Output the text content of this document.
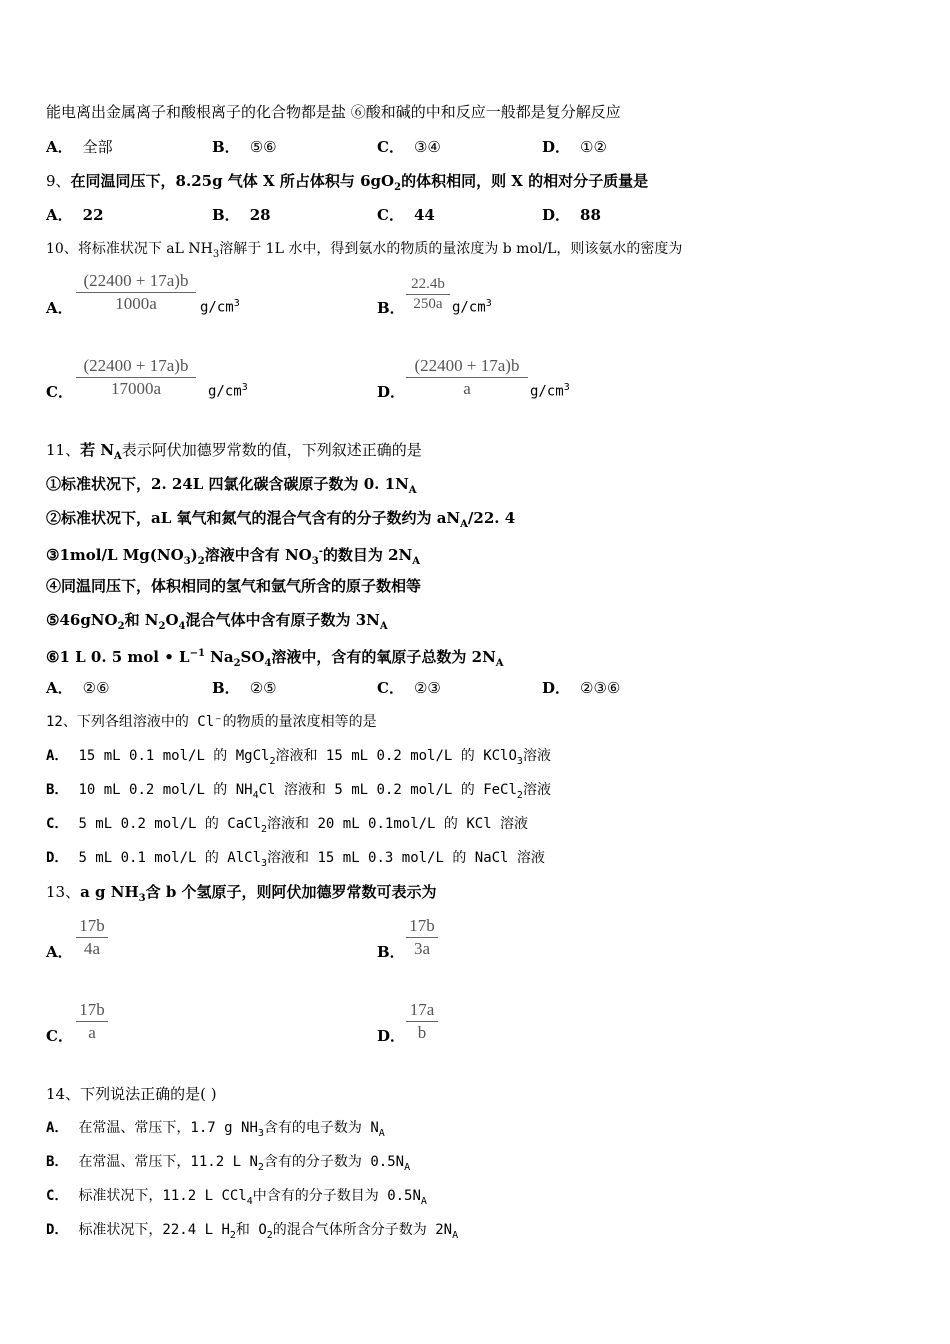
能电离出金属离子和酸根离子的化合物都是盐 ⑥酸和碱的中和反应一般都是复分解反应
A． 全部	B． ⑤⑥	C． ③④	D． ①②
9、在同温同压下，8.25g 气体 X 所占体积与 $6gO_2$的体积相同，则 X 的相对分子质量是
A． 22	B． 28	C． 44	D． 88
10、将标准状况下 aL $NH_3$溶解于 1L 水中，得到氨水的物质的量浓度为 b mol/L，则该氨水的密度为
A．
(22400 + 17a)b
1000a	$g/cm^3$	B．
22.4b
250a $g/cm^3$
C．
(22400 + 17a)b
17000a	$g/cm^3$	D．
(22400 + 17a)b
a	$g/cm^3$
11、若 $N_A$表示阿伏加德罗常数的值，下列叙述正确的是
①标准状况下，2. 24L 四氯化碳含碳原子数为 0. $1N_A$
②标准状况下，aL 氧气和氮气的混合气含有的分子数约为 $aN_A/22$. 4
③1mol/L $Mg(NO_3)_2$溶液中含有 $NO_3^-$的数目为 $2N_A$
④同温同压下，体积相同的氢气和氩气所含的原子数相等
⑤46gNO$_2$和 $N_2O_4$混合气体中含有原子数为 $3N_A$
⑥1 L 0. 5 mol • $L^{-1}$ $Na_2SO_4$溶液中，含有的氧原子总数为 $2N_A$
A． ②⑥	B． ②⑤	C． ②③	D． ②③⑥
12、下列各组溶液中的 Cl⁻的物质的量浓度相等的是
A． 15 mL 0.1 mol/L 的 MgCl$_2$溶液和 15 mL 0.2 mol/L 的 KClO$_3$溶液
B． 10 mL 0.2 mol/L 的 $NH_4Cl$ 溶液和 5 mL 0.2 mol/L 的 FeCl$_2$溶液
C． 5 mL 0.2 mol/L 的 CaCl$_2$溶液和 20 mL 0.1mol/L 的 KCl 溶液
D． 5 mL 0.1 mol/L 的 AlCl$_3$溶液和 15 mL 0.3 mol/L 的 NaCl 溶液
13、a g $NH_3$含 b 个氢原子，则阿伏加德罗常数可表示为
A．
17b
4a	B．
17b
3a
C．
17b
a	D．
17a
b
14、下列说法正确的是( )
A． 在常温、常压下，1.7 g $NH_3$含有的电子数为 $N_A$
B． 在常温、常压下，11.2 L $N_2$含有的分子数为 $0.5N_A$
C． 标准状况下，11.2 L CCl$_4$中含有的分子数目为 $0.5N_A$
D． 标准状况下，22.4 L $H_2$和 $O_2$的混合气体所含分子数为 $2N_A$
